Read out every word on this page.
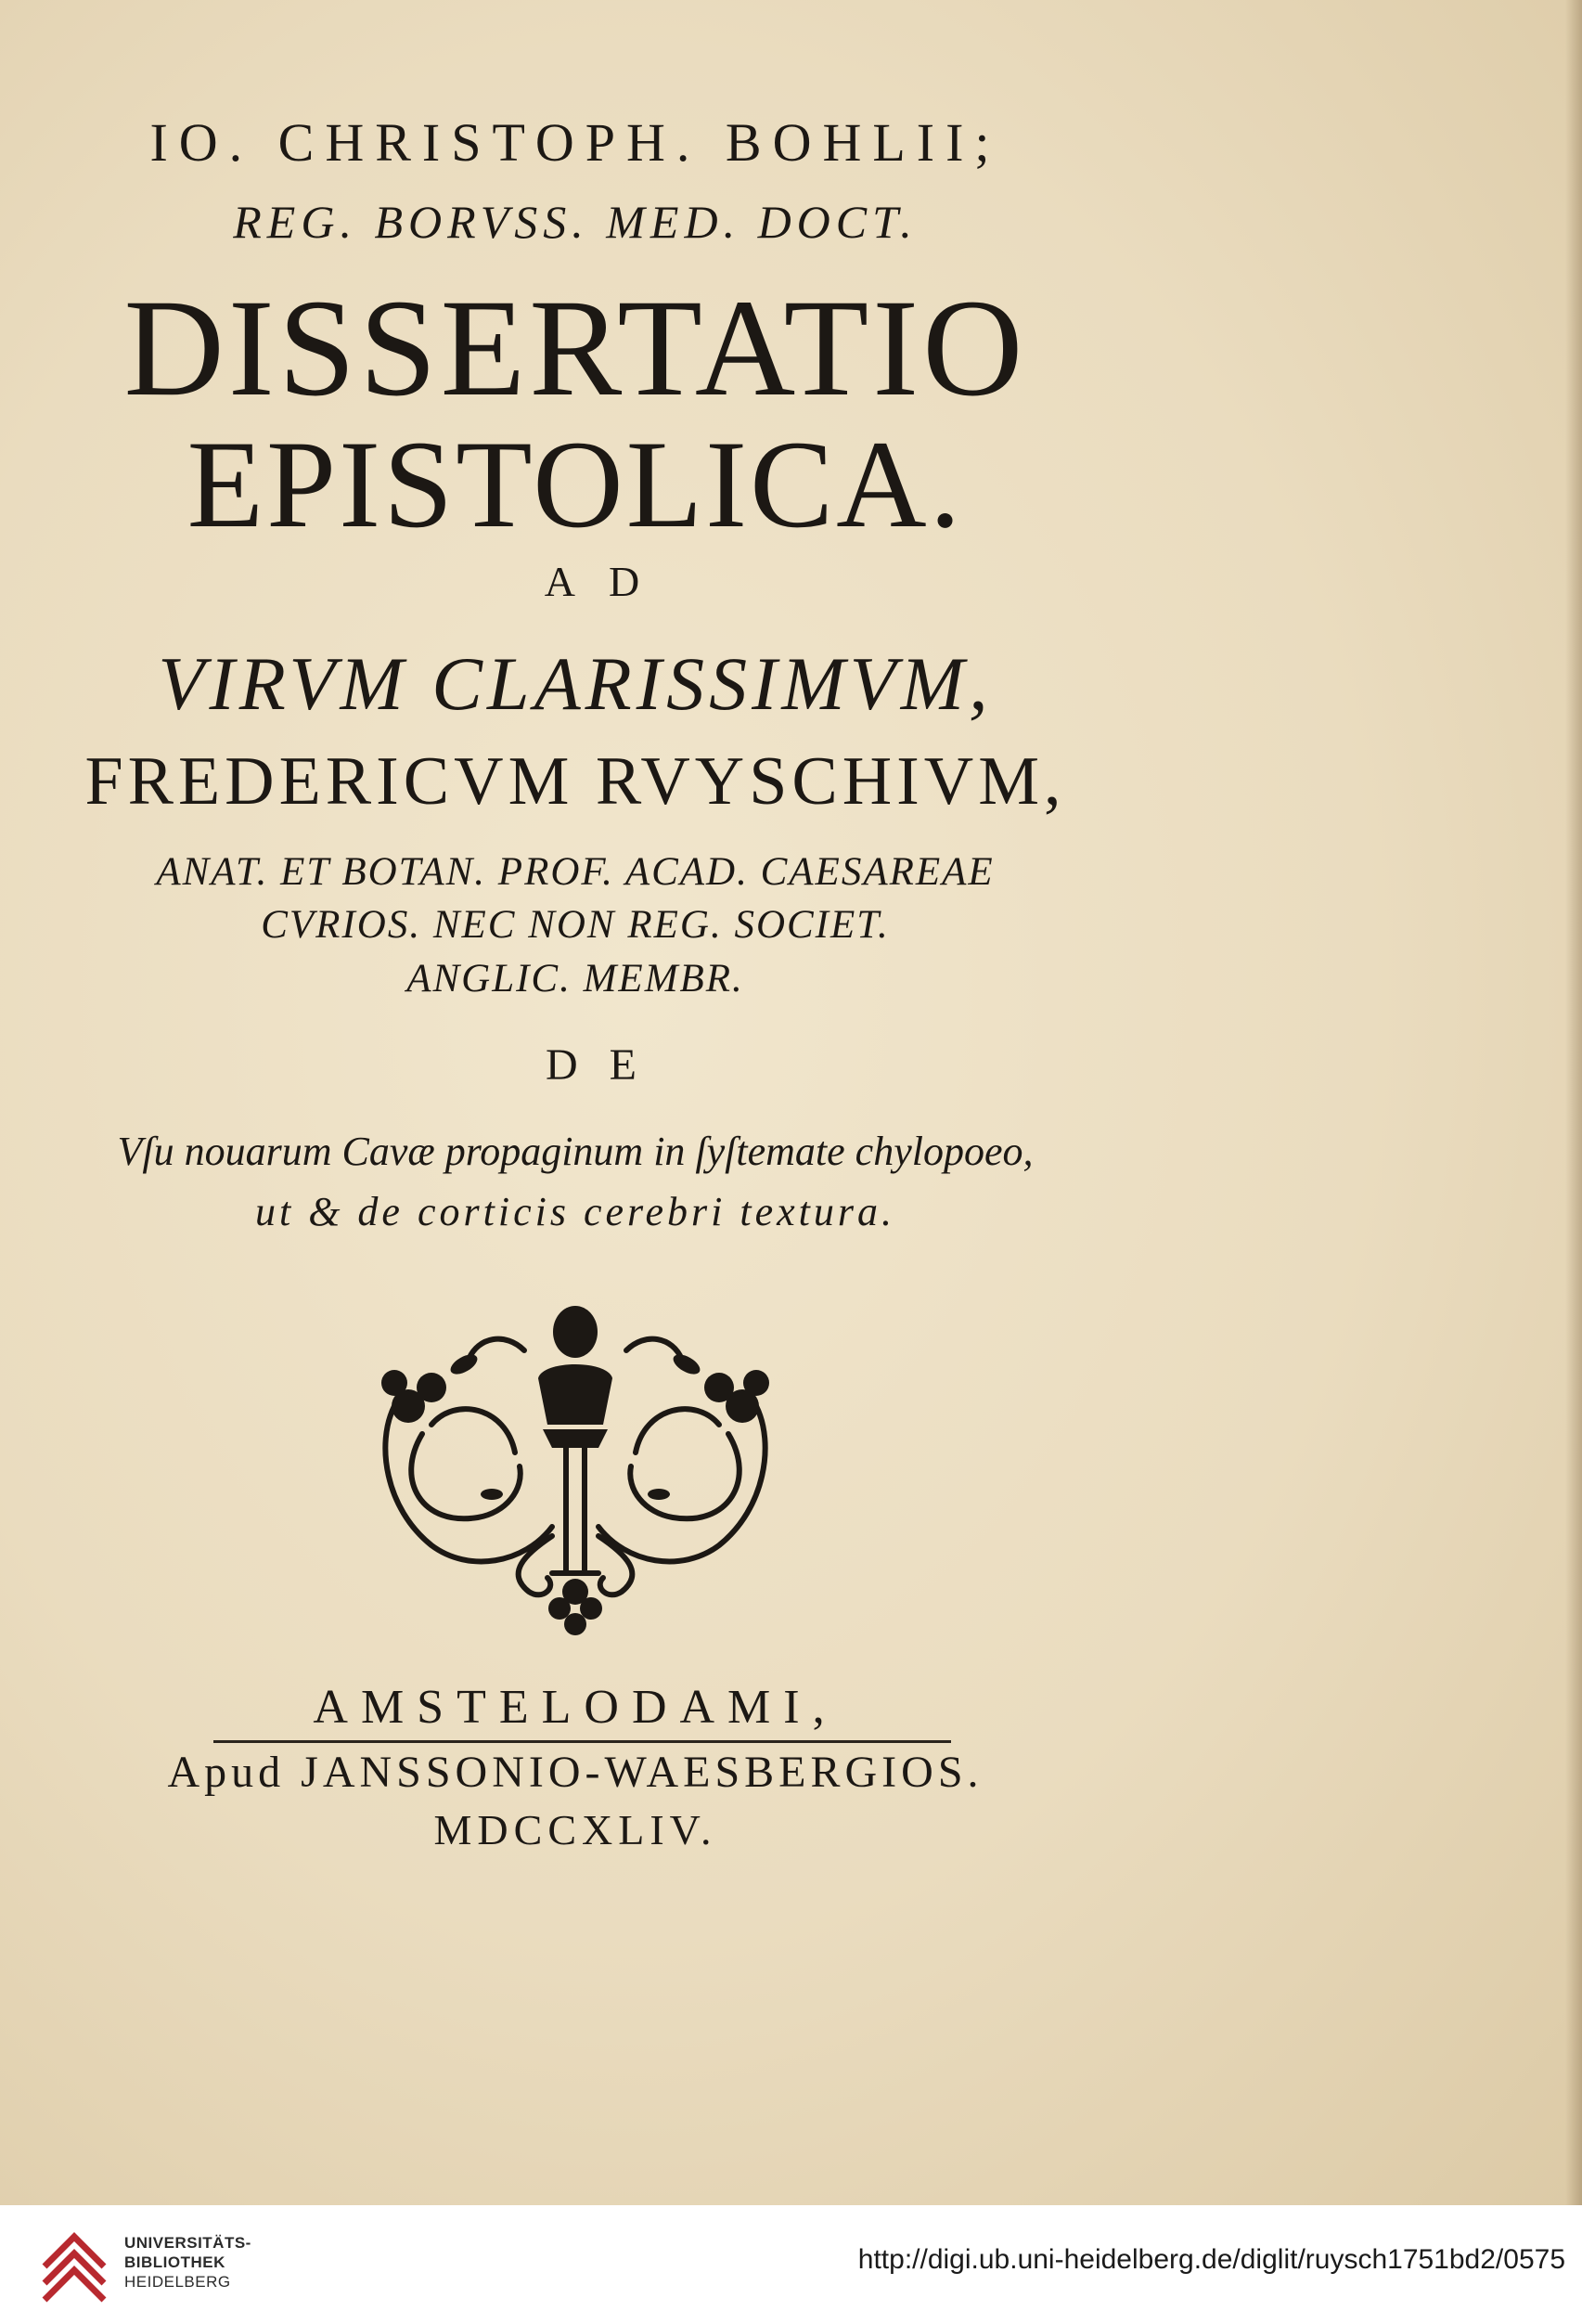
IO. CHRISTOPH. BOHLII;

REG. BORVSS. MED. DOCT.

DISSERTATIO

EPISTOLICA.

AD

VIRVM CLARISSIMVM,

FREDERICVM RVYSCHIVM,

ANAT. ET BOTAN. PROF. ACAD. CAESAREAE

CVRIOS. NEC NON REG. SOCIET.

ANGLIC. MEMBR.

DE

Vſu nouarum Cavæ propaginum in ſyſtemate chylopoeo,

ut & de corticis cerebri textura.

AMSTELODAMI,

Apud JANSSONIO-WAESBERGIOS.

MDCCXLIV.

UNIVERSITÄTS-
BIBLIOTHEK
HEIDELBERG
http://digi.ub.uni-heidelberg.de/diglit/ruysch1751bd2/0575
